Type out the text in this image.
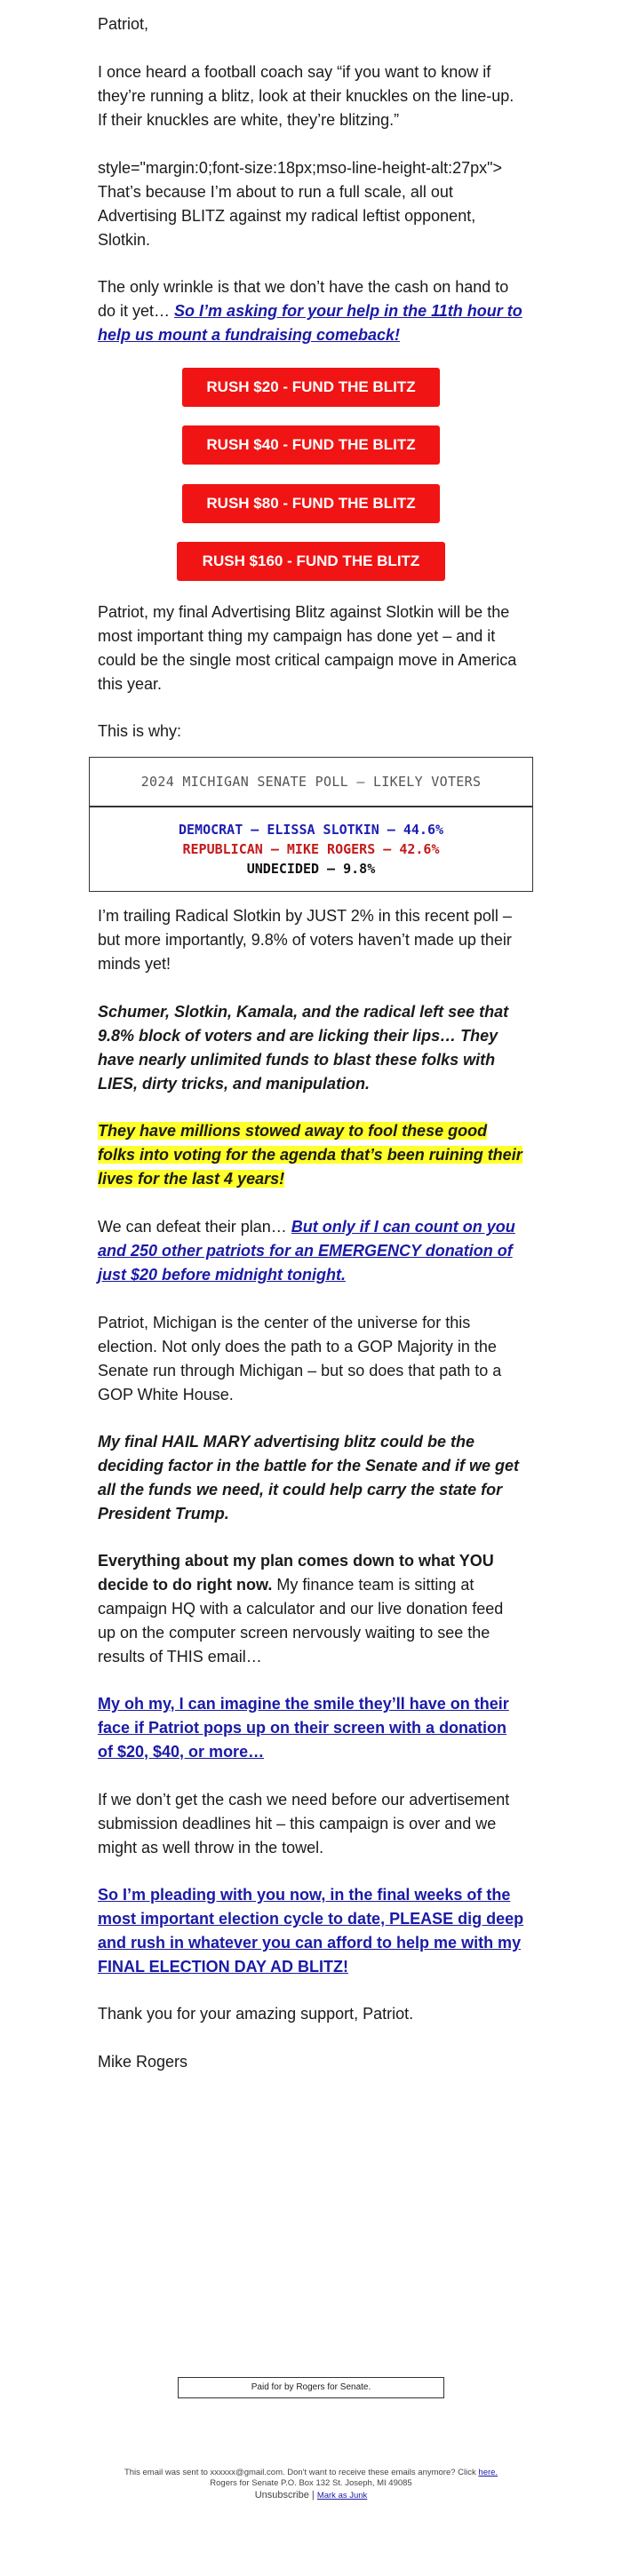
Patriot,

I once heard a football coach say “if you want to know if they’re running a blitz, look at their knuckles on the line-up. If their knuckles are white, they’re blitzing.”

style="margin:0;font-size:18px;mso-line-height-alt:27px"> That’s because I’m about to run a full scale, all out Advertising BLITZ against my radical leftist opponent, Slotkin.

The only wrinkle is that we don’t have the cash on hand to do it yet… So I’m asking for your help in the 11th hour to help us mount a fundraising comeback!

RUSH $20 - FUND THE BLITZ
RUSH $40 - FUND THE BLITZ
RUSH $80 - FUND THE BLITZ
RUSH $160 - FUND THE BLITZ

Patriot, my final Advertising Blitz against Slotkin will be the most important thing my campaign has done yet – and it could be the single most critical campaign move in America this year.

This is why:

2024 MICHIGAN SENATE POLL – LIKELY VOTERS
DEMOCRAT – ELISSA SLOTKIN – 44.6%
REPUBLICAN – MIKE ROGERS – 42.6%
UNDECIDED – 9.8%

I’m trailing Radical Slotkin by JUST 2% in this recent poll – but more importantly, 9.8% of voters haven’t made up their minds yet!

Schumer, Slotkin, Kamala, and the radical left see that 9.8% block of voters and are licking their lips… They have nearly unlimited funds to blast these folks with LIES, dirty tricks, and manipulation.

They have millions stowed away to fool these good folks into voting for the agenda that’s been ruining their lives for the last 4 years!

We can defeat their plan… But only if I can count on you and 250 other patriots for an EMERGENCY donation of just $20 before midnight tonight.

Patriot, Michigan is the center of the universe for this election. Not only does the path to a GOP Majority in the Senate run through Michigan – but so does that path to a GOP White House.

My final HAIL MARY advertising blitz could be the deciding factor in the battle for the Senate and if we get all the funds we need, it could help carry the state for President Trump.

Everything about my plan comes down to what YOU decide to do right now. My finance team is sitting at campaign HQ with a calculator and our live donation feed up on the computer screen nervously waiting to see the results of THIS email…

My oh my, I can imagine the smile they’ll have on their face if Patriot pops up on their screen with a donation of $20, $40, or more…

If we don’t get the cash we need before our advertisement submission deadlines hit – this campaign is over and we might as well throw in the towel.

So I’m pleading with you now, in the final weeks of the most important election cycle to date, PLEASE dig deep and rush in whatever you can afford to help me with my FINAL ELECTION DAY AD BLITZ!

Thank you for your amazing support, Patriot.

Mike Rogers

Paid for by Rogers for Senate.
This email was sent to xxxxxx@gmail.com. Don't want to receive these emails anymore? Click here.
Rogers for Senate P.O. Box 132 St. Joseph, MI 49085
Unsubscribe | Mark as Junk
